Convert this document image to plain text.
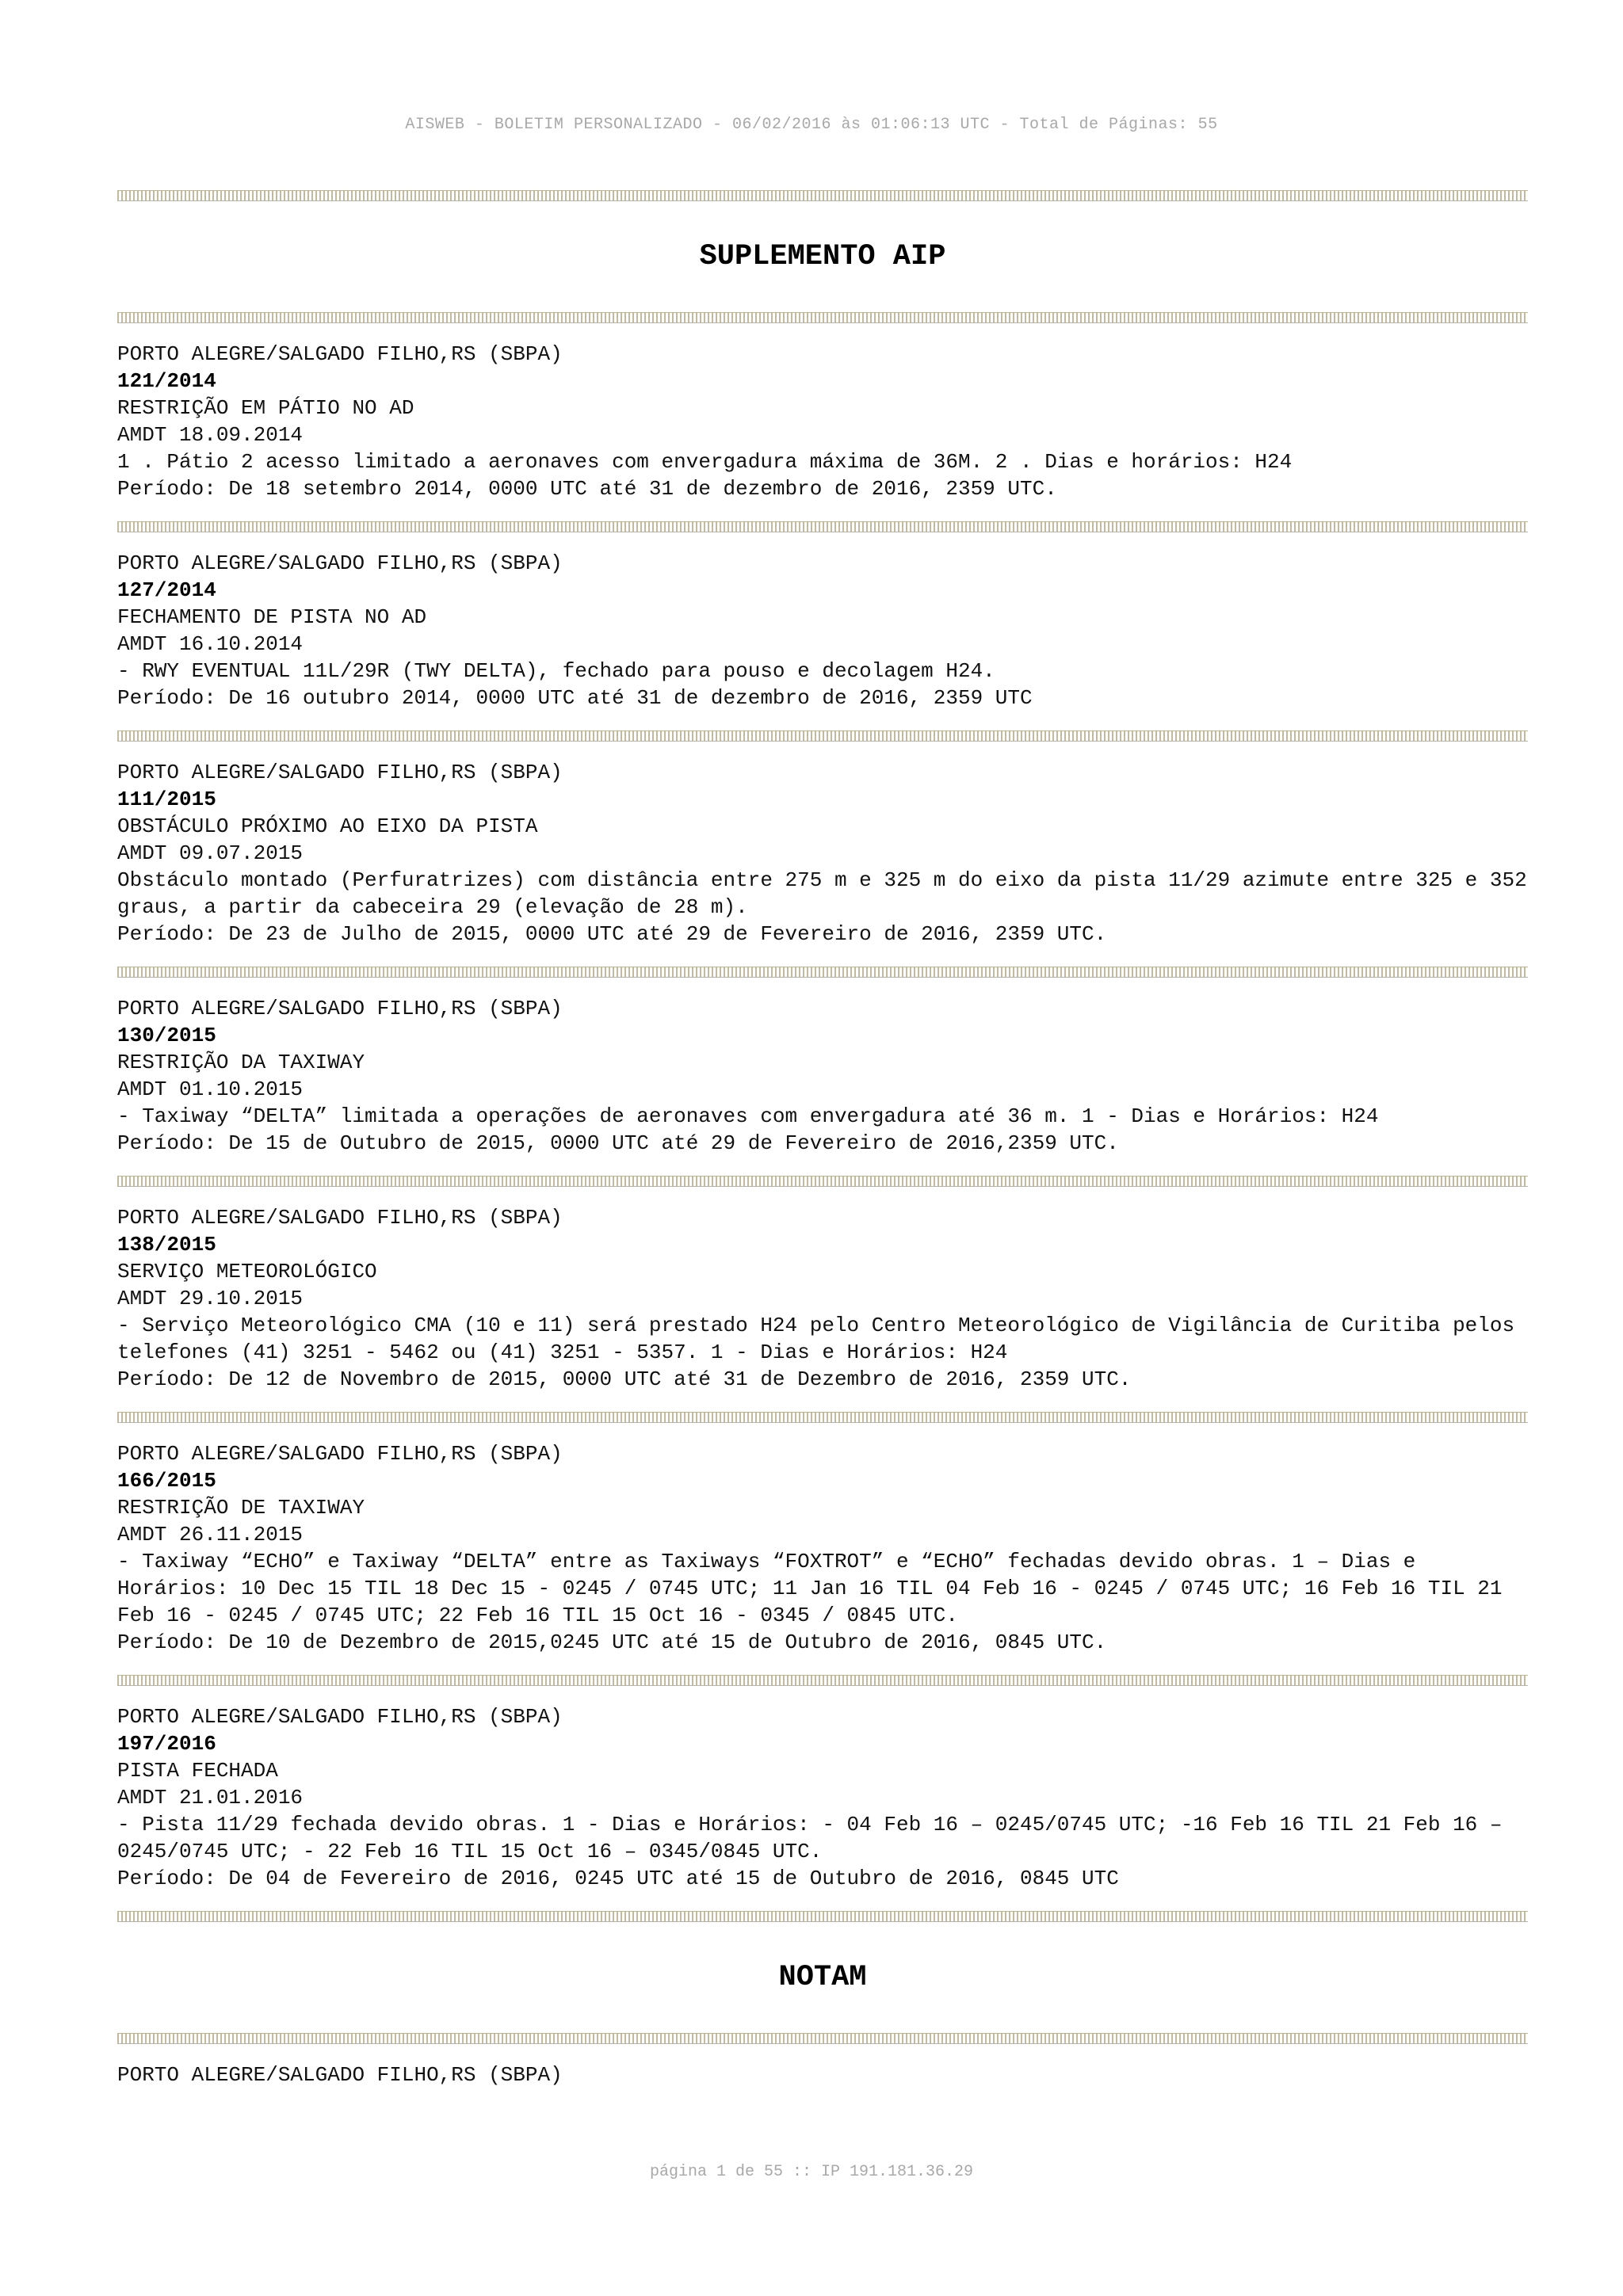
AISWEB - BOLETIM PERSONALIZADO - 06/02/2016 às 01:06:13 UTC - Total de Páginas: 55
SUPLEMENTO AIP
PORTO ALEGRE/SALGADO FILHO,RS (SBPA)
121/2014
RESTRIÇÃO EM PÁTIO NO AD
AMDT 18.09.2014
1 . Pátio 2 acesso limitado a aeronaves com envergadura máxima de 36M. 2 . Dias e horários: H24
Período: De 18 setembro 2014, 0000 UTC até 31 de dezembro de 2016, 2359 UTC.
PORTO ALEGRE/SALGADO FILHO,RS (SBPA)
127/2014
FECHAMENTO DE PISTA NO AD
AMDT 16.10.2014
- RWY EVENTUAL 11L/29R (TWY DELTA), fechado para pouso e decolagem H24.
Período: De 16 outubro 2014, 0000 UTC até 31 de dezembro de 2016, 2359 UTC
PORTO ALEGRE/SALGADO FILHO,RS (SBPA)
111/2015
OBSTÁCULO PRÓXIMO AO EIXO DA PISTA
AMDT 09.07.2015
Obstáculo montado (Perfuratrizes) com distância entre 275 m e 325 m do eixo da pista 11/29 azimute entre 325 e 352 graus, a partir da cabeceira 29 (elevação de 28 m).
Período: De 23 de Julho de 2015, 0000 UTC até 29 de Fevereiro de 2016, 2359 UTC.
PORTO ALEGRE/SALGADO FILHO,RS (SBPA)
130/2015
RESTRIÇÃO DA TAXIWAY
AMDT 01.10.2015
- Taxiway “DELTA” limitada a operações de aeronaves com envergadura até 36 m. 1 - Dias e Horários: H24
Período: De 15 de Outubro de 2015, 0000 UTC até 29 de Fevereiro de 2016,2359 UTC.
PORTO ALEGRE/SALGADO FILHO,RS (SBPA)
138/2015
SERVIÇO METEOROLÓGICO
AMDT 29.10.2015
- Serviço Meteorológico CMA (10 e 11) será prestado H24 pelo Centro Meteorológico de Vigilância de Curitiba pelos telefones (41) 3251 - 5462 ou (41) 3251 - 5357. 1 - Dias e Horários: H24
Período: De 12 de Novembro de 2015, 0000 UTC até 31 de Dezembro de 2016, 2359 UTC.
PORTO ALEGRE/SALGADO FILHO,RS (SBPA)
166/2015
RESTRIÇÃO DE TAXIWAY
AMDT 26.11.2015
- Taxiway “ECHO” e Taxiway “DELTA” entre as Taxiways “FOXTROT” e “ECHO” fechadas devido obras. 1 – Dias e Horários: 10 Dec 15 TIL 18 Dec 15 - 0245 / 0745 UTC; 11 Jan 16 TIL 04 Feb 16 - 0245 / 0745 UTC; 16 Feb 16 TIL 21 Feb 16 - 0245 / 0745 UTC; 22 Feb 16 TIL 15 Oct 16 - 0345 / 0845 UTC.
Período: De 10 de Dezembro de 2015,0245 UTC até 15 de Outubro de 2016, 0845 UTC.
PORTO ALEGRE/SALGADO FILHO,RS (SBPA)
197/2016
PISTA FECHADA
AMDT 21.01.2016
- Pista 11/29 fechada devido obras. 1 - Dias e Horários: - 04 Feb 16 – 0245/0745 UTC; -16 Feb 16 TIL 21 Feb 16 – 0245/0745 UTC; - 22 Feb 16 TIL 15 Oct 16 – 0345/0845 UTC.
Período: De 04 de Fevereiro de 2016, 0245 UTC até 15 de Outubro de 2016, 0845 UTC
NOTAM
PORTO ALEGRE/SALGADO FILHO,RS (SBPA)
página 1 de 55 :: IP 191.181.36.29
